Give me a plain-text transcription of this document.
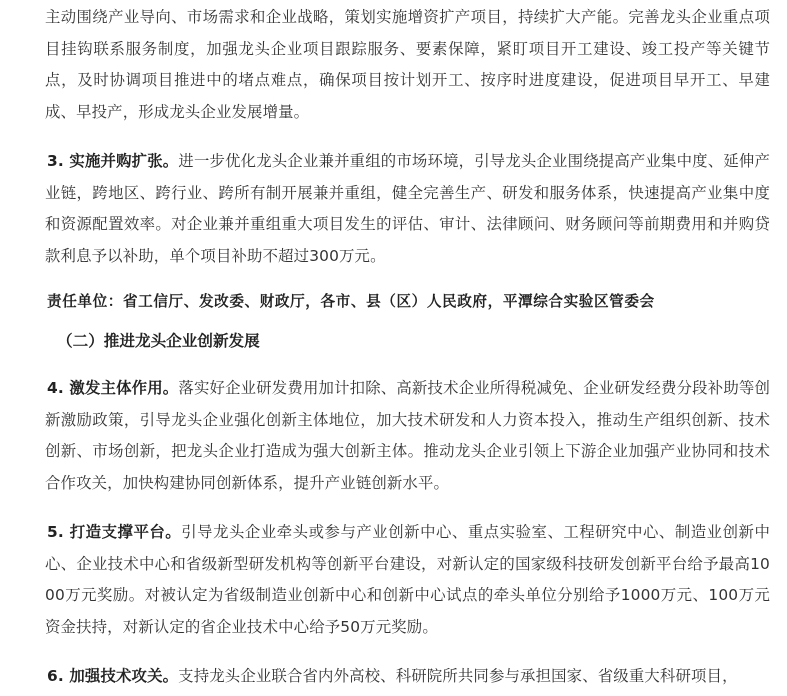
主动围绕产业导向、市场需求和企业战略，策划实施增资扩产项目，持续扩大产能。完善龙头企业重点项目挂钩联系服务制度，加强龙头企业项目跟踪服务、要素保障，紧盯项目开工建设、竣工投产等关键节点，及时协调项目推进中的堵点难点，确保项目按计划开工、按序时进度建设，促进项目早开工、早建成、早投产，形成龙头企业发展增量。

3. 实施并购扩张。进一步优化龙头企业兼并重组的市场环境，引导龙头企业围绕提高产业集中度、延伸产业链，跨地区、跨行业、跨所有制开展兼并重组，健全完善生产、研发和服务体系，快速提高产业集中度和资源配置效率。对企业兼并重组重大项目发生的评估、审计、法律顾问、财务顾问等前期费用和并购贷款利息予以补助，单个项目补助不超过300万元。

责任单位：省工信厅、发改委、财政厅，各市、县（区）人民政府，平潭综合实验区管委会
（二）推进龙头企业创新发展

4. 激发主体作用。落实好企业研发费用加计扣除、高新技术企业所得税减免、企业研发经费分段补助等创新激励政策，引导龙头企业强化创新主体地位，加大技术研发和人力资本投入，推动生产组织创新、技术创新、市场创新，把龙头企业打造成为强大创新主体。推动龙头企业引领上下游企业加强产业协同和技术合作攻关，加快构建协同创新体系，提升产业链创新水平。

5. 打造支撑平台。引导龙头企业牵头或参与产业创新中心、重点实验室、工程研究中心、制造业创新中心、企业技术中心和省级新型研发机构等创新平台建设，对新认定的国家级科技研发创新平台给予最高1000万元奖励。对被认定为省级制造业创新中心和创新中心试点的牵头单位分别给予1000万元、100万元资金扶持，对新认定的省企业技术中心给予50万元奖励。

6. 加强技术攻关。支持龙头企业联合省内外高校、科研院所共同参与承担国家、省级重大科研项目，
